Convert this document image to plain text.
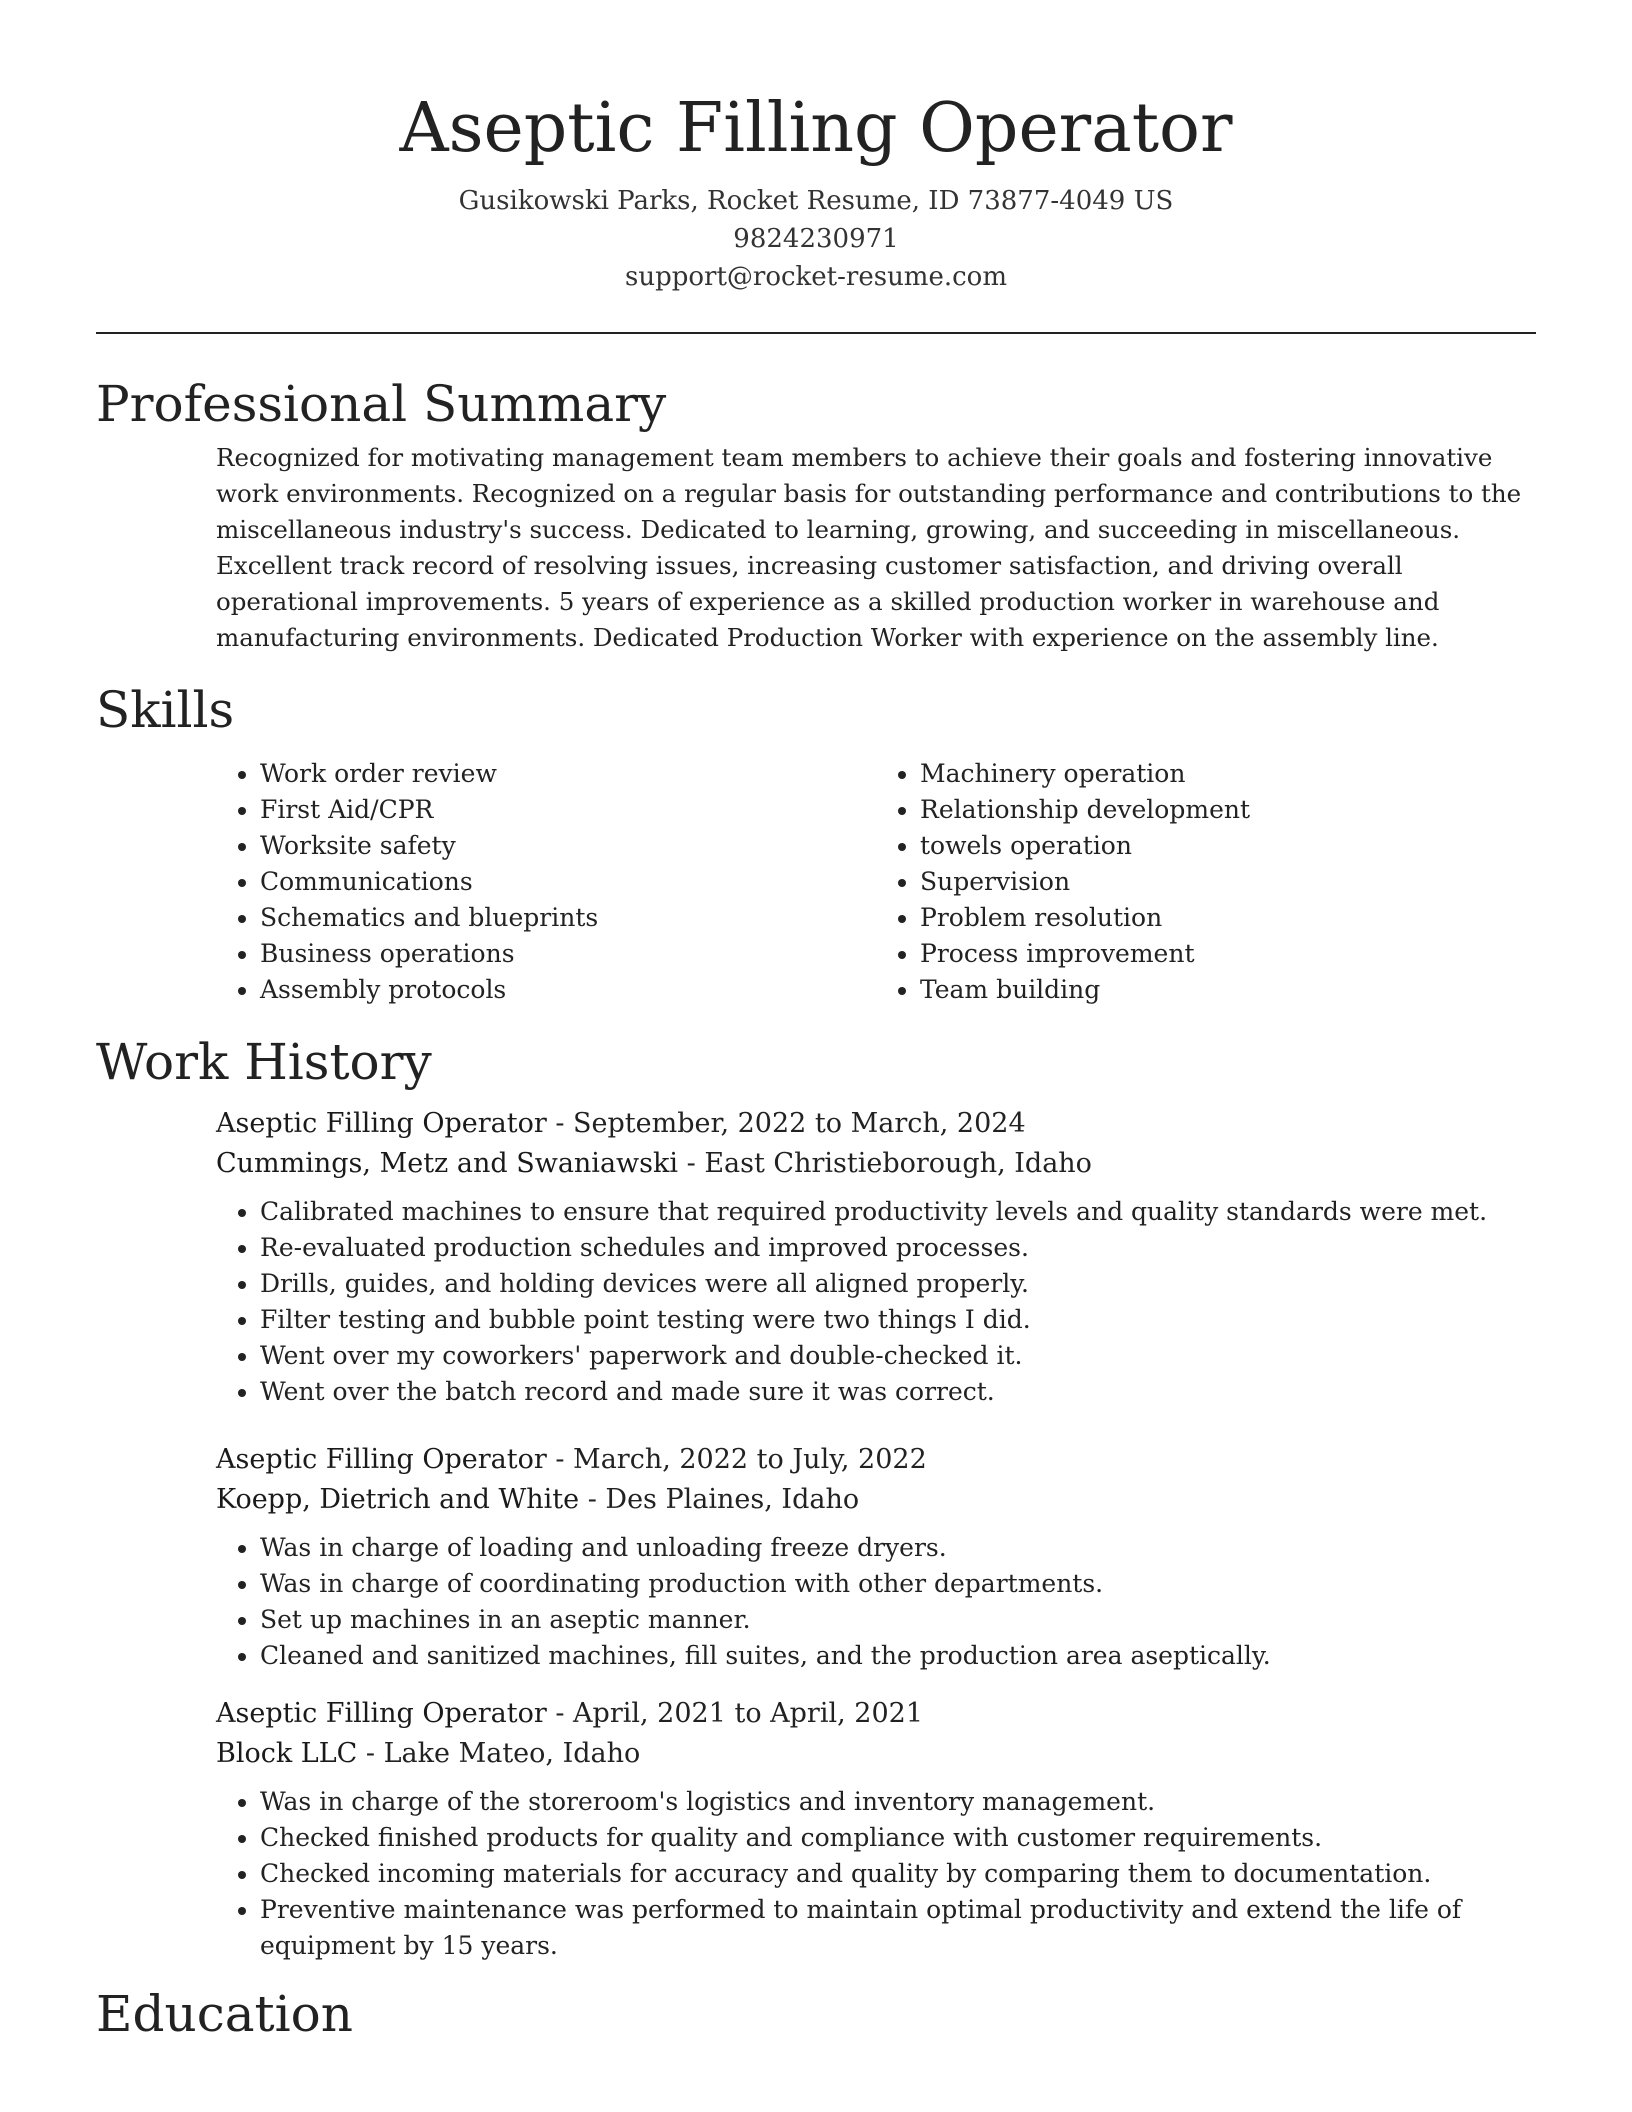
Aseptic Filling Operator
Gusikowski Parks, Rocket Resume, ID 73877-4049 US
9824230971
support@rocket-resume.com
Professional Summary

Recognized for motivating management team members to achieve their goals and fostering innovative work environments. Recognized on a regular basis for outstanding performance and contributions to the miscellaneous industry's success. Dedicated to learning, growing, and succeeding in miscellaneous. Excellent track record of resolving issues, increasing customer satisfaction, and driving overall operational improvements. 5 years of experience as a skilled production worker in warehouse and manufacturing environments. Dedicated Production Worker with experience on the assembly line.

Skills
• Work order review
• First Aid/CPR
• Worksite safety
• Communications
• Schematics and blueprints
• Business operations
• Assembly protocols
• Machinery operation
• Relationship development
• towels operation
• Supervision
• Problem resolution
• Process improvement
• Team building
Work History
Aseptic Filling Operator - September, 2022 to March, 2024
Cummings, Metz and Swaniawski - East Christieborough, Idaho
• Calibrated machines to ensure that required productivity levels and quality standards were met.
• Re-evaluated production schedules and improved processes.
• Drills, guides, and holding devices were all aligned properly.
• Filter testing and bubble point testing were two things I did.
• Went over my coworkers' paperwork and double-checked it.
• Went over the batch record and made sure it was correct.
Aseptic Filling Operator - March, 2022 to July, 2022
Koepp, Dietrich and White - Des Plaines, Idaho
• Was in charge of loading and unloading freeze dryers.
• Was in charge of coordinating production with other departments.
• Set up machines in an aseptic manner.
• Cleaned and sanitized machines, fill suites, and the production area aseptically.
Aseptic Filling Operator - April, 2021 to April, 2021
Block LLC - Lake Mateo, Idaho
• Was in charge of the storeroom's logistics and inventory management.
• Checked finished products for quality and compliance with customer requirements.
• Checked incoming materials for accuracy and quality by comparing them to documentation.
• Preventive maintenance was performed to maintain optimal productivity and extend the life of equipment by 15 years.
Education
